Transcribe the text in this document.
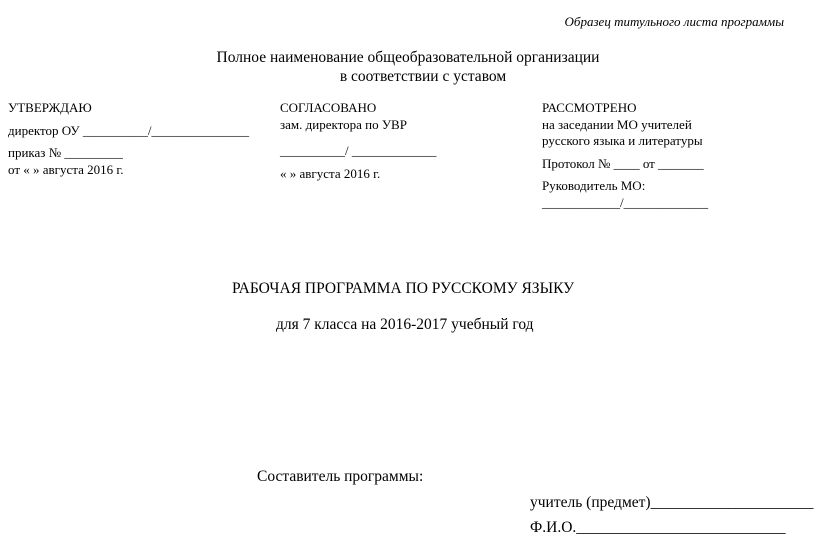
Образец титульного листа программы
Полное наименование общеобразовательной организации
в соответствии с уставом
УТВЕРЖДАЮ
директор ОУ __________/_______________
приказ № _________
от « » августа 2016 г.
СОГЛАСОВАНО
зам. директора по УВР
__________/ _____________
« » августа 2016 г.
РАССМОТРЕНО
на заседании МО учителей
русского языка и литературы
Протокол № ____ от _______
Руководитель МО:
____________/_____________
РАБОЧАЯ ПРОГРАММА ПО РУССКОМУ ЯЗЫКУ
для 7 класса на 2016-2017 учебный год
Составитель программы:
учитель (предмет)_____________________
Ф.И.О.___________________________
